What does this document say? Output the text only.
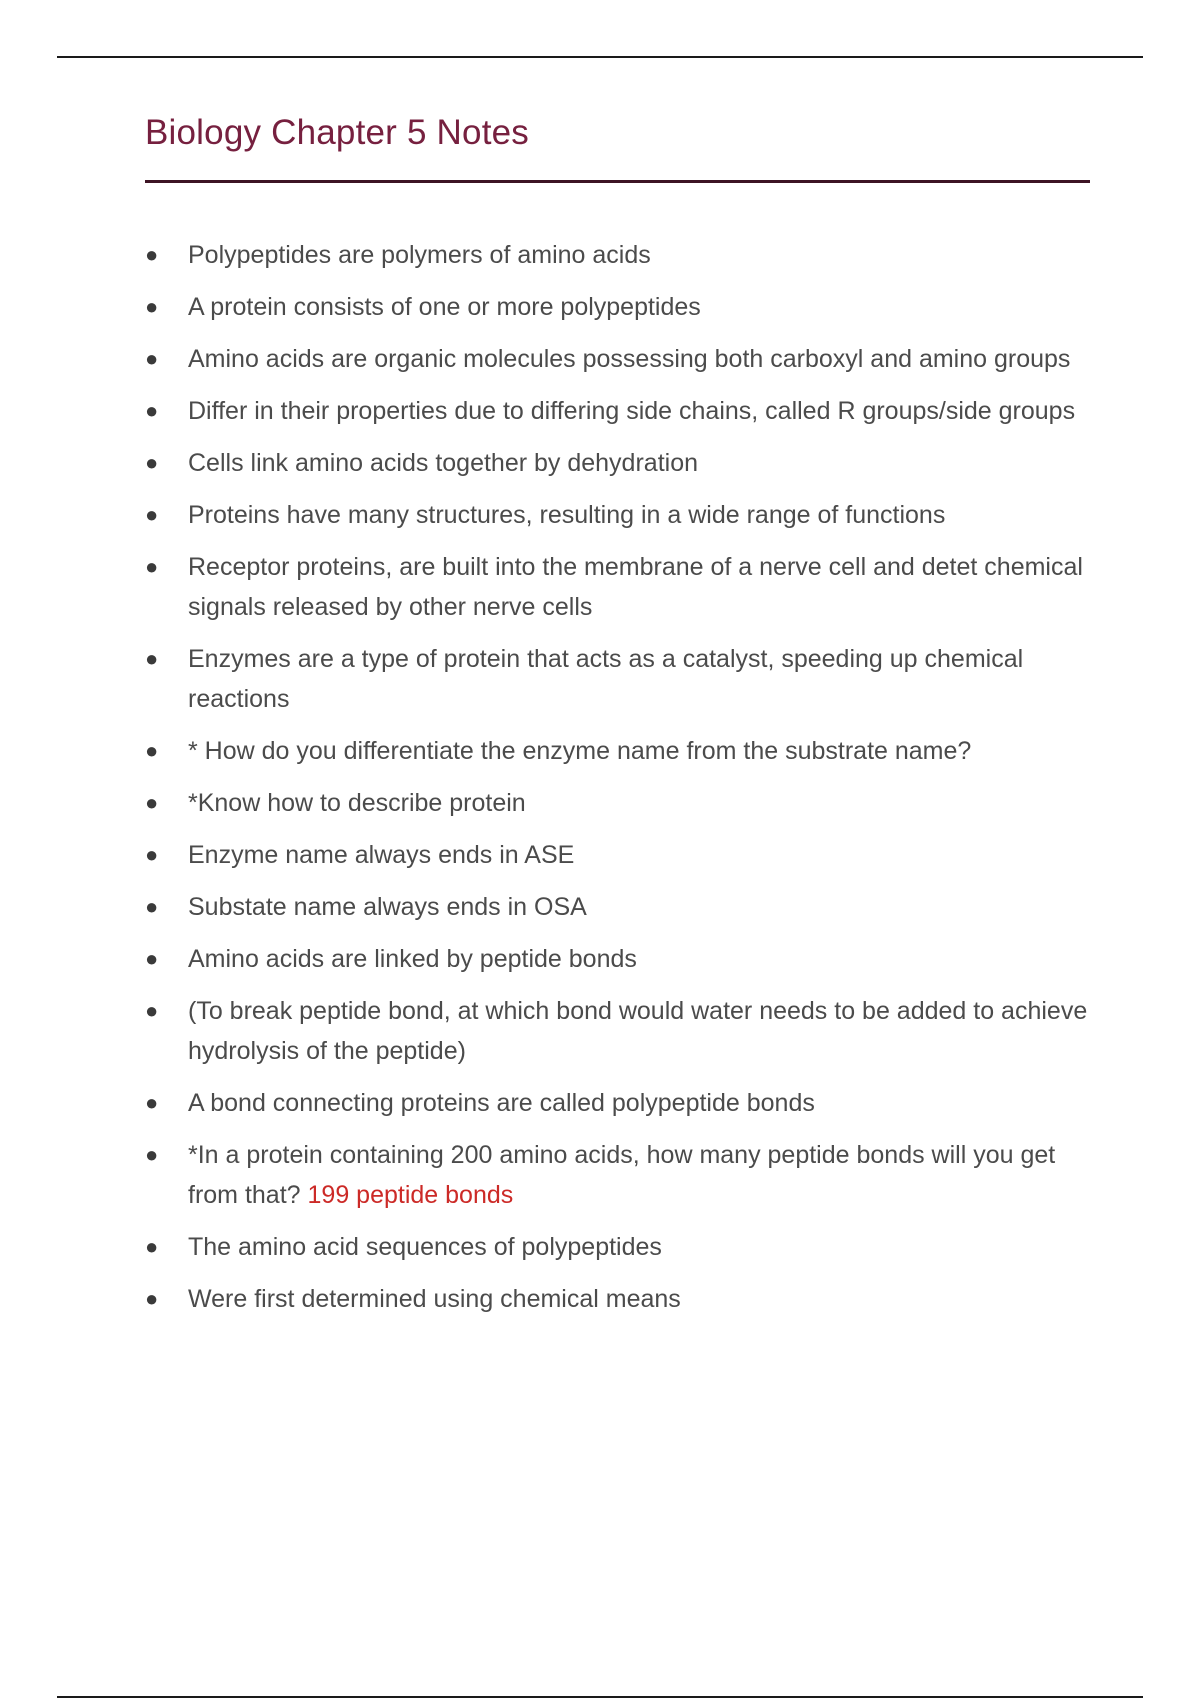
Biology Chapter 5 Notes
● Polypeptides are polymers of amino acids
● A protein consists of one or more polypeptides
● Amino acids are organic molecules possessing both carboxyl and amino groups
● Differ in their properties due to differing side chains, called R groups/side groups
● Cells link amino acids together by dehydration
● Proteins have many structures, resulting in a wide range of functions
● Receptor proteins, are built into the membrane of a nerve cell and detet chemical signals released by other nerve cells
● Enzymes are a type of protein that acts as a catalyst, speeding up chemical reactions
● * How do you differentiate the enzyme name from the substrate name?
● *Know how to describe protein
● Enzyme name always ends in ASE
● Substate name always ends in OSA
● Amino acids are linked by peptide bonds
● (To break peptide bond, at which bond would water needs to be added to achieve hydrolysis of the peptide)
● A bond connecting proteins are called polypeptide bonds
● *In a protein containing 200 amino acids, how many peptide bonds will you get from that? 199 peptide bonds
● The amino acid sequences of polypeptides
● Were first determined using chemical means
